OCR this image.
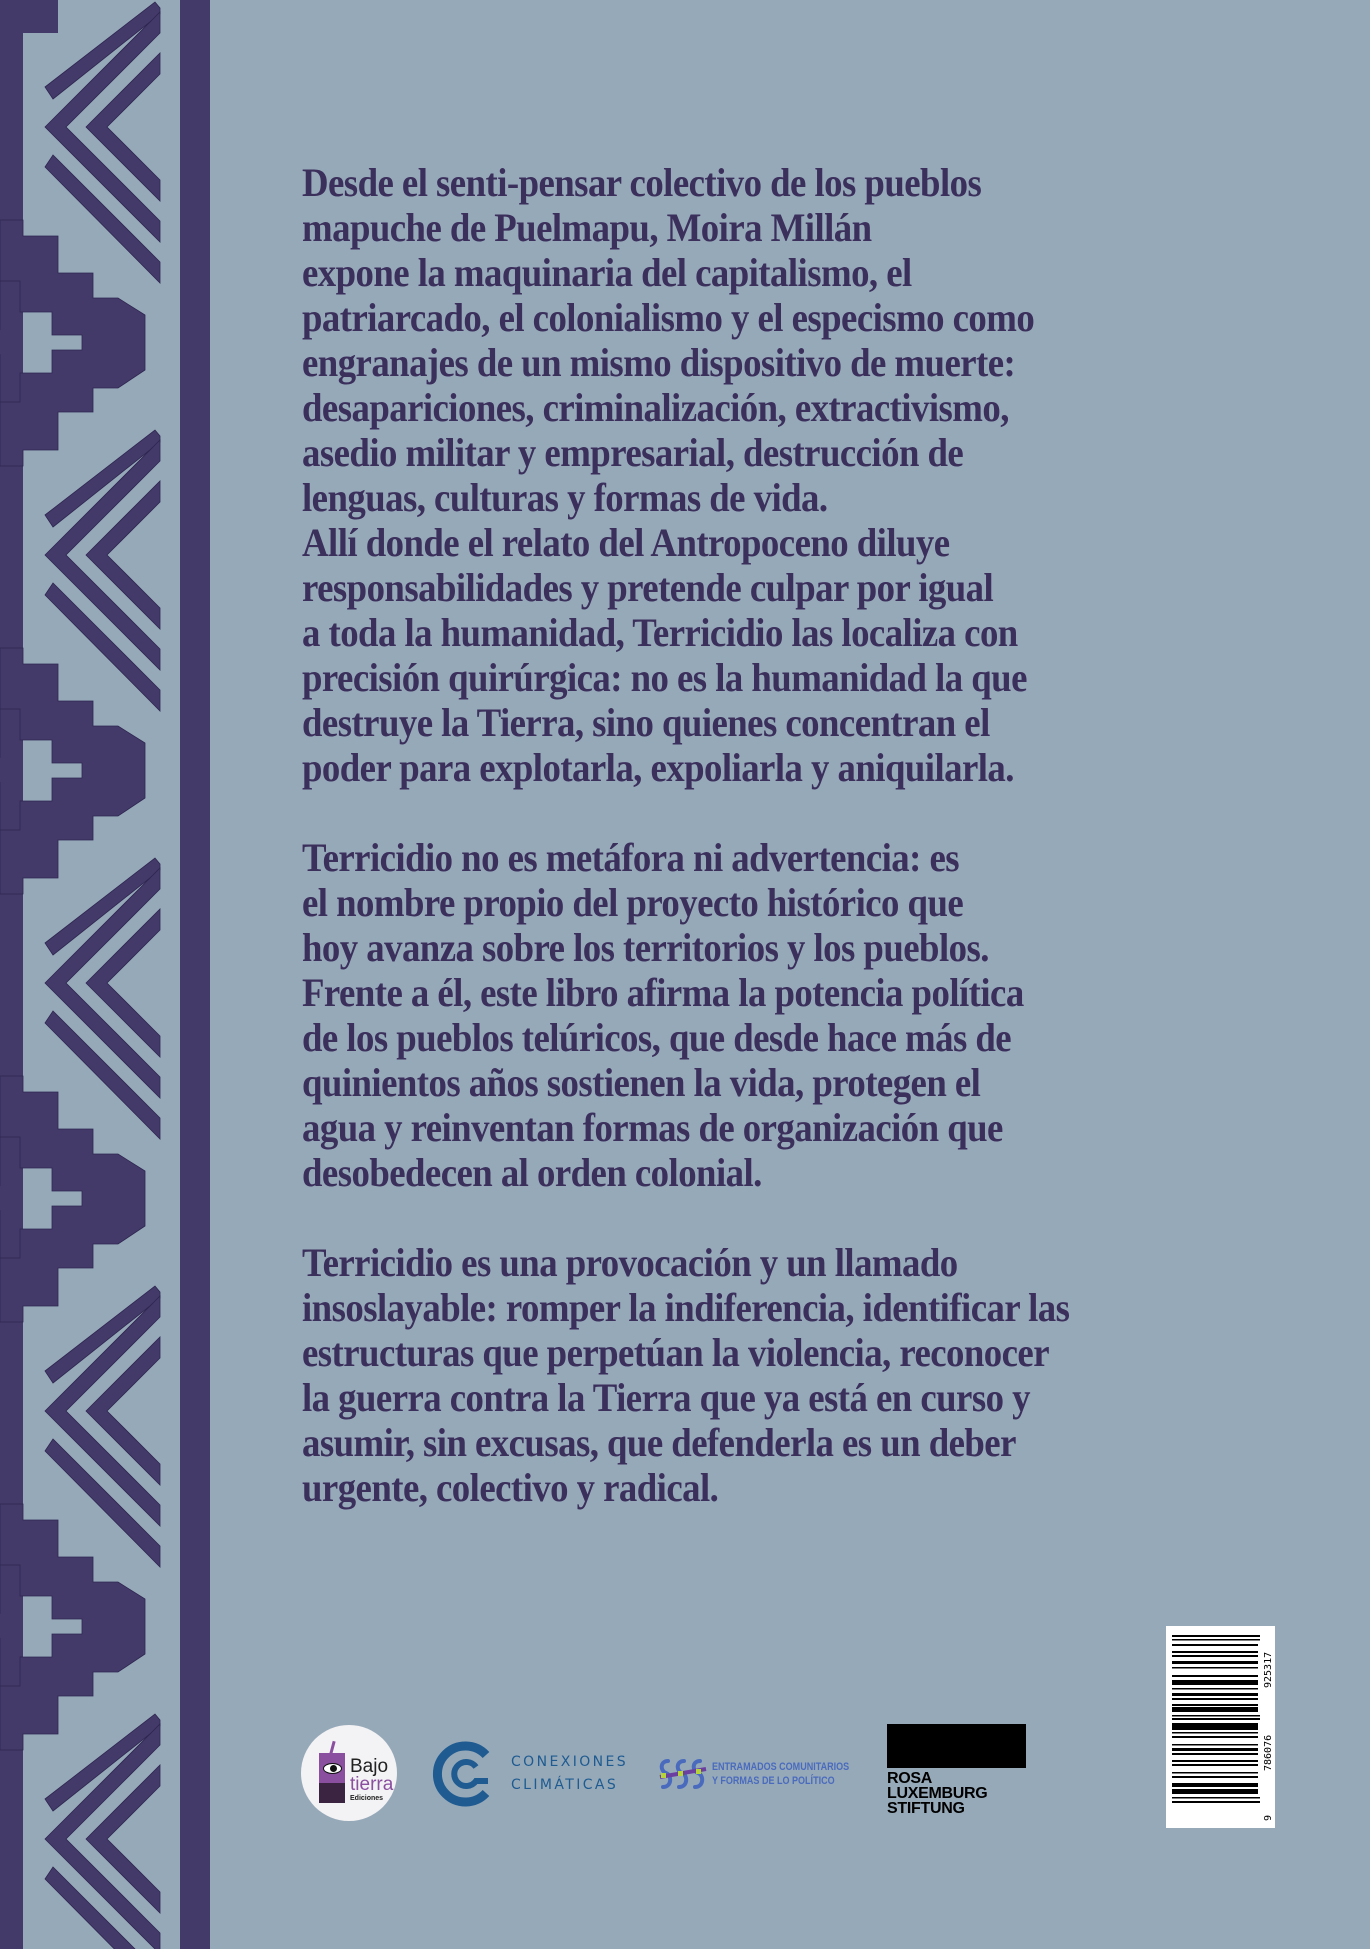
Desde el senti-pensar colectivo de los pueblos
mapuche de Puelmapu, Moira Millán
expone la maquinaria del capitalismo, el
patriarcado, el colonialismo y el especismo como
engranajes de un mismo dispositivo de muerte:
desapariciones, criminalización, extractivismo,
asedio militar y empresarial, destrucción de
lenguas, culturas y formas de vida.
Allí donde el relato del Antropoceno diluye
responsabilidades y pretende culpar por igual
a toda la humanidad, Terricidio las localiza con
precisión quirúrgica: no es la humanidad la que
destruye la Tierra, sino quienes concentran el
poder para explotarla, expoliarla y aniquilarla.

Terricidio no es metáfora ni advertencia: es
el nombre propio del proyecto histórico que
hoy avanza sobre los territorios y los pueblos.
Frente a él, este libro afirma la potencia política
de los pueblos telúricos, que desde hace más de
quinientos años sostienen la vida, protegen el
agua y reinventan formas de organización que
desobedecen al orden colonial.

Terricidio es una provocación y un llamado
insoslayable: romper la indiferencia, identificar las
estructuras que perpetúan la violencia, reconocer
la guerra contra la Tierra que ya está en curso y
asumir, sin excusas, que defenderla es un deber
urgente, colectivo y radical.

Bajo
tierra
Ediciones
CONEXIONES
CLIMÁTICAS
ENTRAMADOS COMUNITARIOS
Y FORMAS DE LO POLÍTICO	ROSA
LUXEMBURG
STIFTUNG
925317
786076
9
